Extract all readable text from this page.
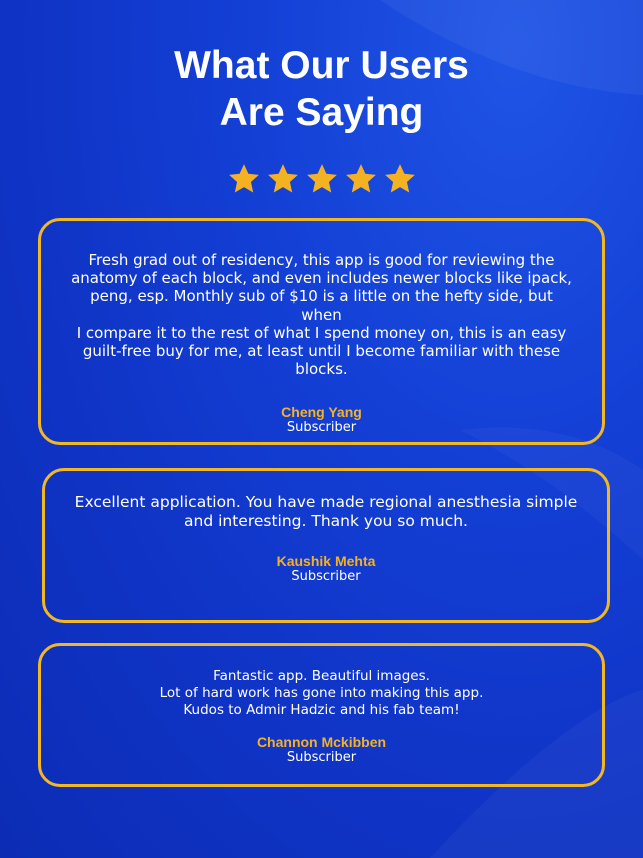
What Our Users
Are Saying

Fresh grad out of residency, this app is good for reviewing the
anatomy of each block, and even includes newer blocks like ipack,
peng, esp. Monthly sub of $10 is a little on the hefty side, but when
I compare it to the rest of what I spend money on, this is an easy
guilt-free buy for me, at least until I become familiar with these
blocks.

Cheng Yang

Subscriber

Excellent application. You have made regional anesthesia simple
and interesting. Thank you so much.

Kaushik Mehta

Subscriber

Fantastic app. Beautiful images.
Lot of hard work has gone into making this app.
Kudos to Admir Hadzic and his fab team!

Channon Mckibben

Subscriber
